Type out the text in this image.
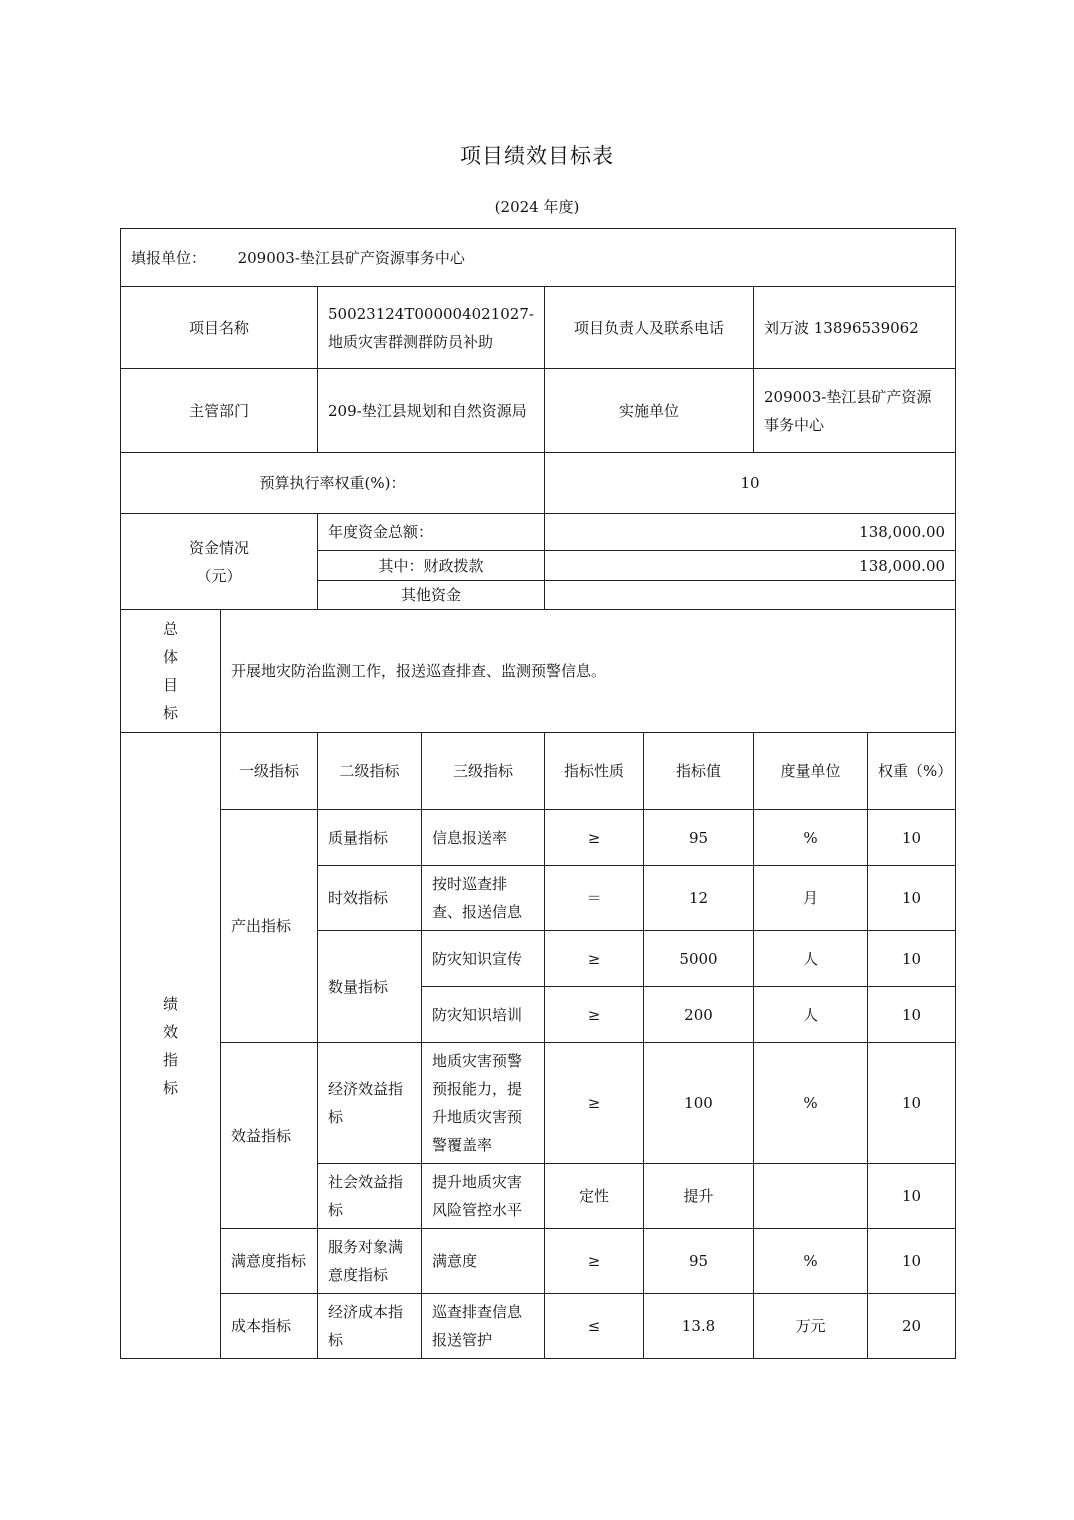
项目绩效目标表
(2024 年度)
填报单位： 209003-垫江县矿产资源事务中心							
项目名称		50023124T000004021027-地质灾害群测群防员补助		项目负责人及联系电话		刘万波 13896539062	
主管部门		209-垫江县规划和自然资源局		实施单位		209003-垫江县矿产资源事务中心	
预算执行率权重(%)：				10			

资金情况
（元）		年度资金总额：		138,000.00			
		其中：财政拨款		138,000.00			
		其他资金					

总
体
目
标	开展地灾防治监测工作，报送巡查排查、监测预警信息。						

绩
效
指
标	一级指标	二级指标	三级指标	指标性质	指标值	度量单位	权重（%）
	产出指标	质量指标	信息报送率	≥	95	%	10
		时效指标	按时巡查排查、报送信息	＝	12	月	10
		数量指标	防灾知识宣传	≥	5000	人	10
			防灾知识培训	≥	200	人	10
	效益指标	经济效益指标	地质灾害预警预报能力，提升地质灾害预警覆盖率	≥	100	%	10
		社会效益指标	提升地质灾害风险管控水平	定性	提升		10
	满意度指标	服务对象满意度指标	满意度	≥	95	%	10
	成本指标	经济成本指标	巡查排查信息报送管护	≤	13.8	万元	20
